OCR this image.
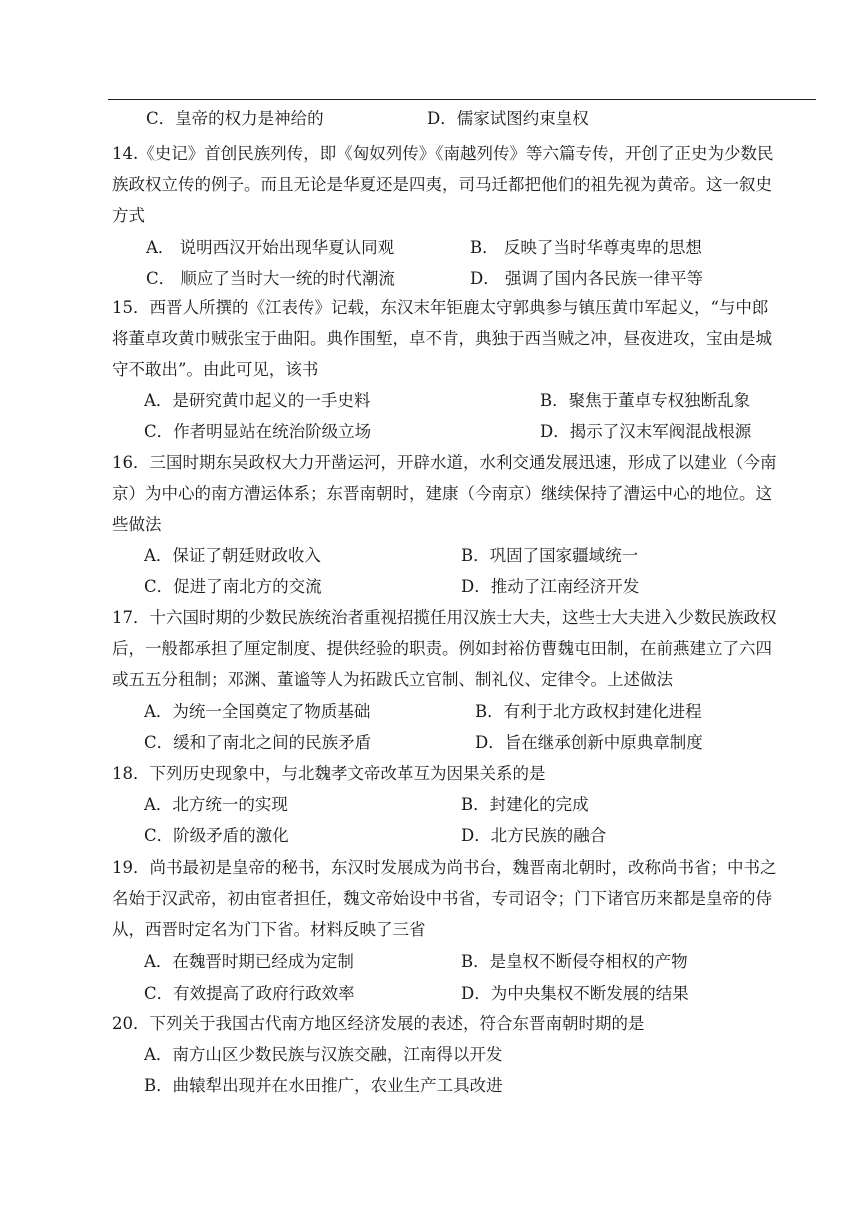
C．皇帝的权力是神给的	D．儒家试图约束皇权
14.《史记》首创民族列传，即《匈奴列传》《南越列传》等六篇专传，开创了正史为少数民
族政权立传的例子。而且无论是华夏还是四夷，司马迁都把他们的祖先视为黄帝。这一叙史
方式
A． 说明西汉开始出现华夏认同观	B． 反映了当时华尊夷卑的思想
C． 顺应了当时大一统的时代潮流	D． 强调了国内各民族一律平等
15．西晋人所撰的《江表传》记载，东汉末年钜鹿太守郭典参与镇压黄巾军起义，“与中郎
将董卓攻黄巾贼张宝于曲阳。典作围堑，卓不肯，典独于西当贼之冲，昼夜进攻，宝由是城
守不敢出”。由此可见，该书
A．是研究黄巾起义的一手史料	B．聚焦于董卓专权独断乱象
C．作者明显站在统治阶级立场	D．揭示了汉末军阀混战根源
16．三国时期东吴政权大力开凿运河，开辟水道，水利交通发展迅速，形成了以建业（今南
京）为中心的南方漕运体系；东晋南朝时，建康（今南京）继续保持了漕运中心的地位。这
些做法
A．保证了朝廷财政收入	B．巩固了国家疆域统一
C．促进了南北方的交流	D．推动了江南经济开发
17．十六国时期的少数民族统治者重视招揽任用汉族士大夫，这些士大夫进入少数民族政权
后，一般都承担了厘定制度、提供经验的职责。例如封裕仿曹魏屯田制，在前燕建立了六四
或五五分租制；邓渊、董谧等人为拓跋氏立官制、制礼仪、定律令。上述做法
A．为统一全国奠定了物质基础	B．有利于北方政权封建化进程
C．缓和了南北之间的民族矛盾	D．旨在继承创新中原典章制度
18．下列历史现象中，与北魏孝文帝改革互为因果关系的是
A．北方统一的实现	B．封建化的完成
C．阶级矛盾的激化	D．北方民族的融合
19．尚书最初是皇帝的秘书，东汉时发展成为尚书台，魏晋南北朝时，改称尚书省；中书之
名始于汉武帝，初由宦者担任，魏文帝始设中书省，专司诏令；门下诸官历来都是皇帝的侍
从，西晋时定名为门下省。材料反映了三省
A．在魏晋时期已经成为定制	B．是皇权不断侵夺相权的产物
C．有效提高了政府行政效率	D．为中央集权不断发展的结果
20．下列关于我国古代南方地区经济发展的表述，符合东晋南朝时期的是
A．南方山区少数民族与汉族交融，江南得以开发
B．曲辕犁出现并在水田推广，农业生产工具改进
